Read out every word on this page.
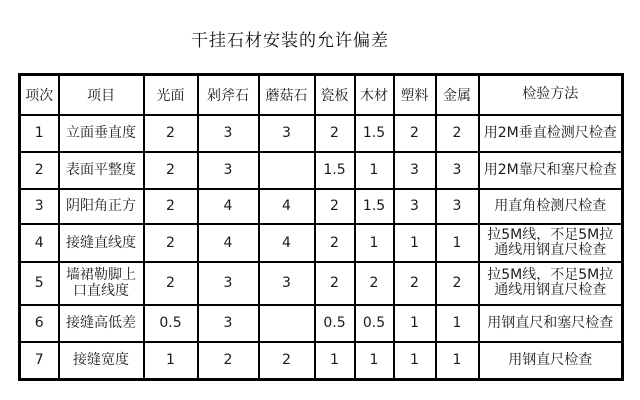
干挂石材安装的允许偏差
项次	项目	光面	剁斧石	蘑菇石	瓷板	木材	塑料	金属	检验方法
1	立面垂直度	2	3	3	2	1.5	2	2	用2M垂直检测尺检查
2	表面平整度	2	3		1.5	1	3	3	用2M靠尺和塞尺检查
3	阴阳角正方	2	4	4	2	1.5	3	3	用直角检测尺检查
4	接缝直线度	2	4	4	2	1	1	1	拉5M线，不足5M拉通线用钢直尺检查
5	墙裙勒脚上口直线度	2	3	3	2	2	2	2	拉5M线，不足5M拉通线用钢直尺检查
6	接缝高低差	0.5	3		0.5	0.5	1	1	用钢直尺和塞尺检查
7	接缝宽度	1	2	2	1	1	1	1	用钢直尺检查
